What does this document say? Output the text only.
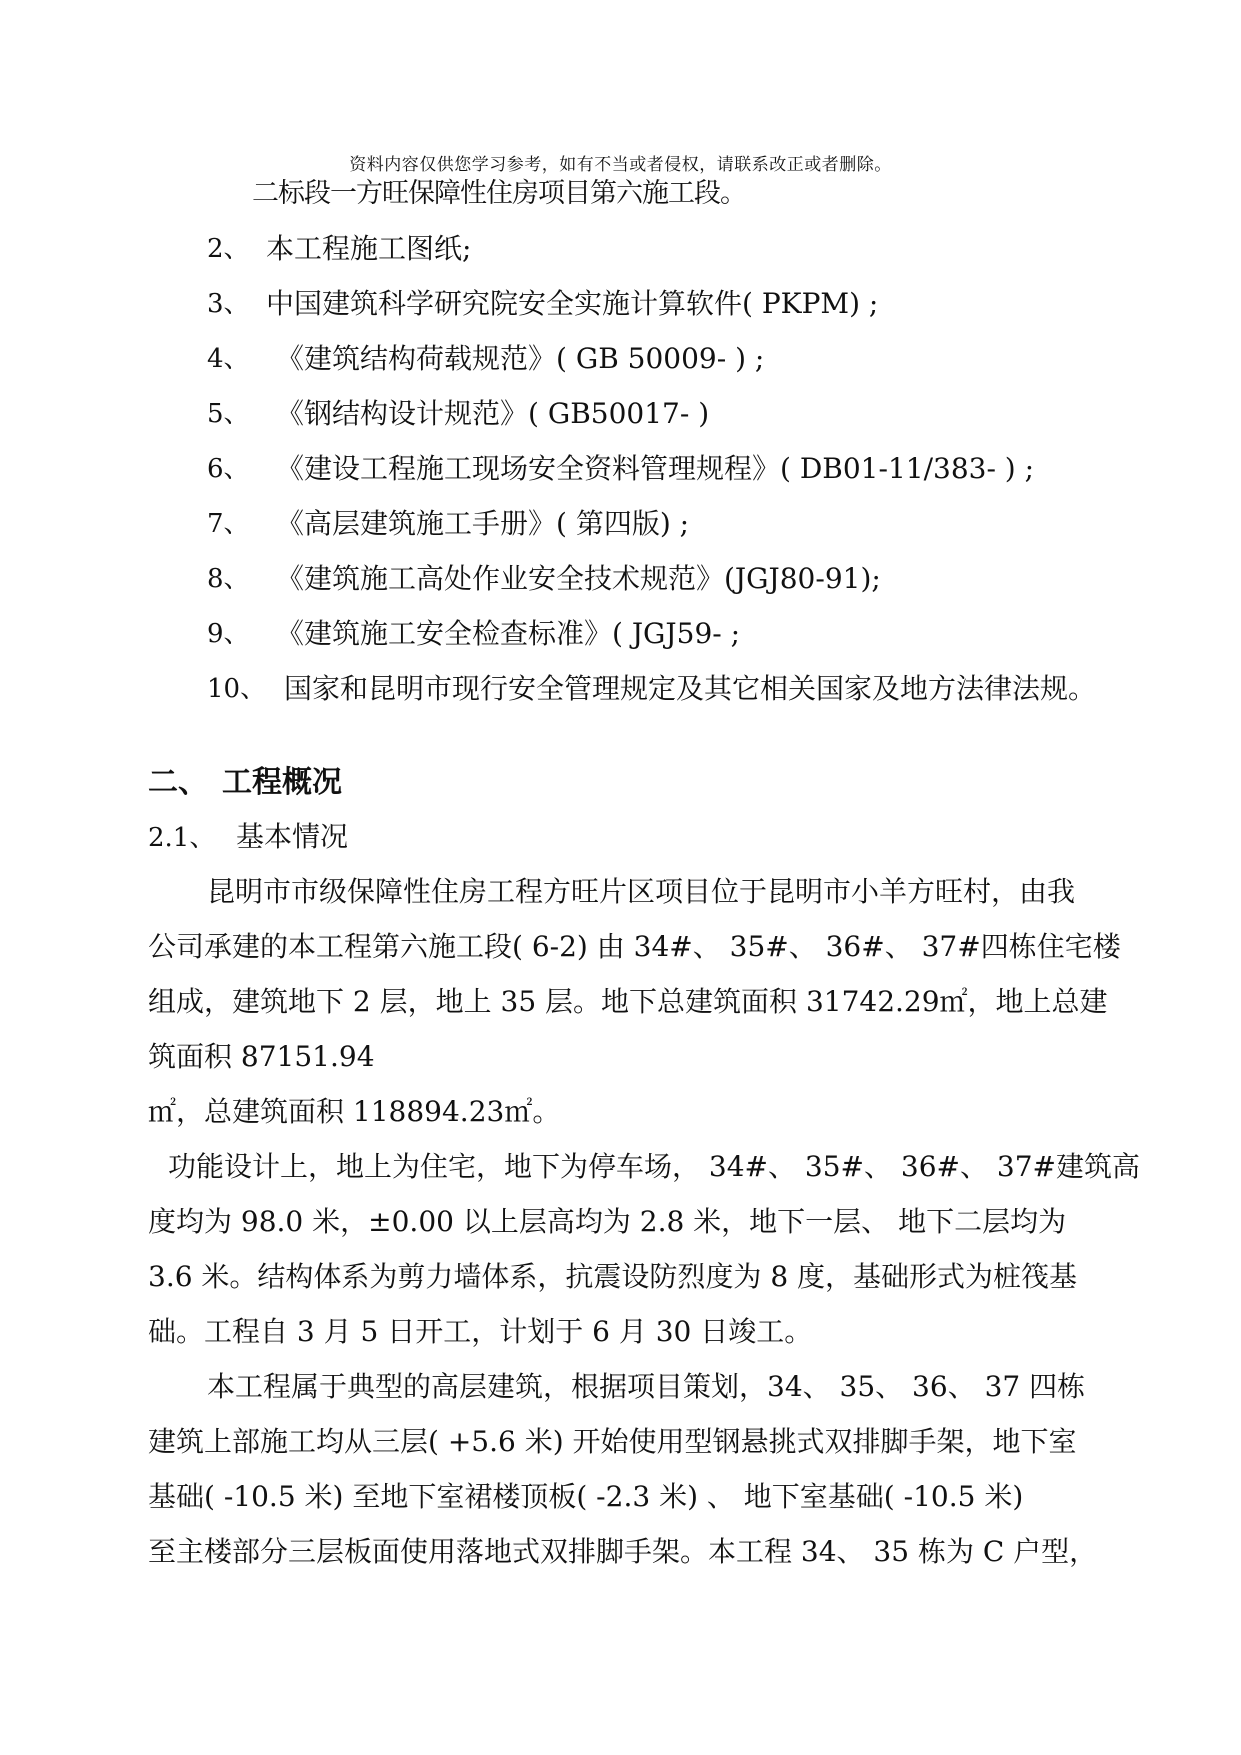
资料内容仅供您学习参考，如有不当或者侵权，请联系改正或者删除。
二标段一方旺保障性住房项目第六施工段。
2、 本工程施工图纸;
3、 中国建筑科学研究院安全实施计算软件( PKPM) ;
4、 《建筑结构荷载规范》( GB 50009- ) ;
5、 《钢结构设计规范》( GB50017- )
6、 《建设工程施工现场安全资料管理规程》( DB01-11/383- ) ;
7、 《高层建筑施工手册》( 第四版) ;
8、 《建筑施工高处作业安全技术规范》(JGJ80-91);
9、 《建筑施工安全检查标准》( JGJ59- ;
10、 国家和昆明市现行安全管理规定及其它相关国家及地方法律法规。
二、 工程概况
2.1、 基本情况
昆明市市级保障性住房工程方旺片区项目位于昆明市小羊方旺村，由我
公司承建的本工程第六施工段( 6-2) 由 34#、 35#、 36#、 37#四栋住宅楼
组成，建筑地下 2 层，地上 35 层。地下总建筑面积 31742.29㎡，地上总建
筑面积 87151.94
㎡，总建筑面积 118894.23㎡。
功能设计上，地上为住宅，地下为停车场， 34#、 35#、 36#、 37#建筑高
度均为 98.0 米，±0.00 以上层高均为 2.8 米，地下一层、 地下二层均为
3.6 米。结构体系为剪力墙体系，抗震设防烈度为 8 度，基础形式为桩筏基
础。工程自 3 月 5 日开工，计划于 6 月 30 日竣工。
本工程属于典型的高层建筑，根据项目策划，34、 35、 36、 37 四栋
建筑上部施工均从三层( +5.6 米) 开始使用型钢悬挑式双排脚手架，地下室
基础( -10.5 米) 至地下室裙楼顶板( -2.3 米) 、 地下室基础( -10.5 米)
至主楼部分三层板面使用落地式双排脚手架。本工程 34、 35 栋为 C 户型，
